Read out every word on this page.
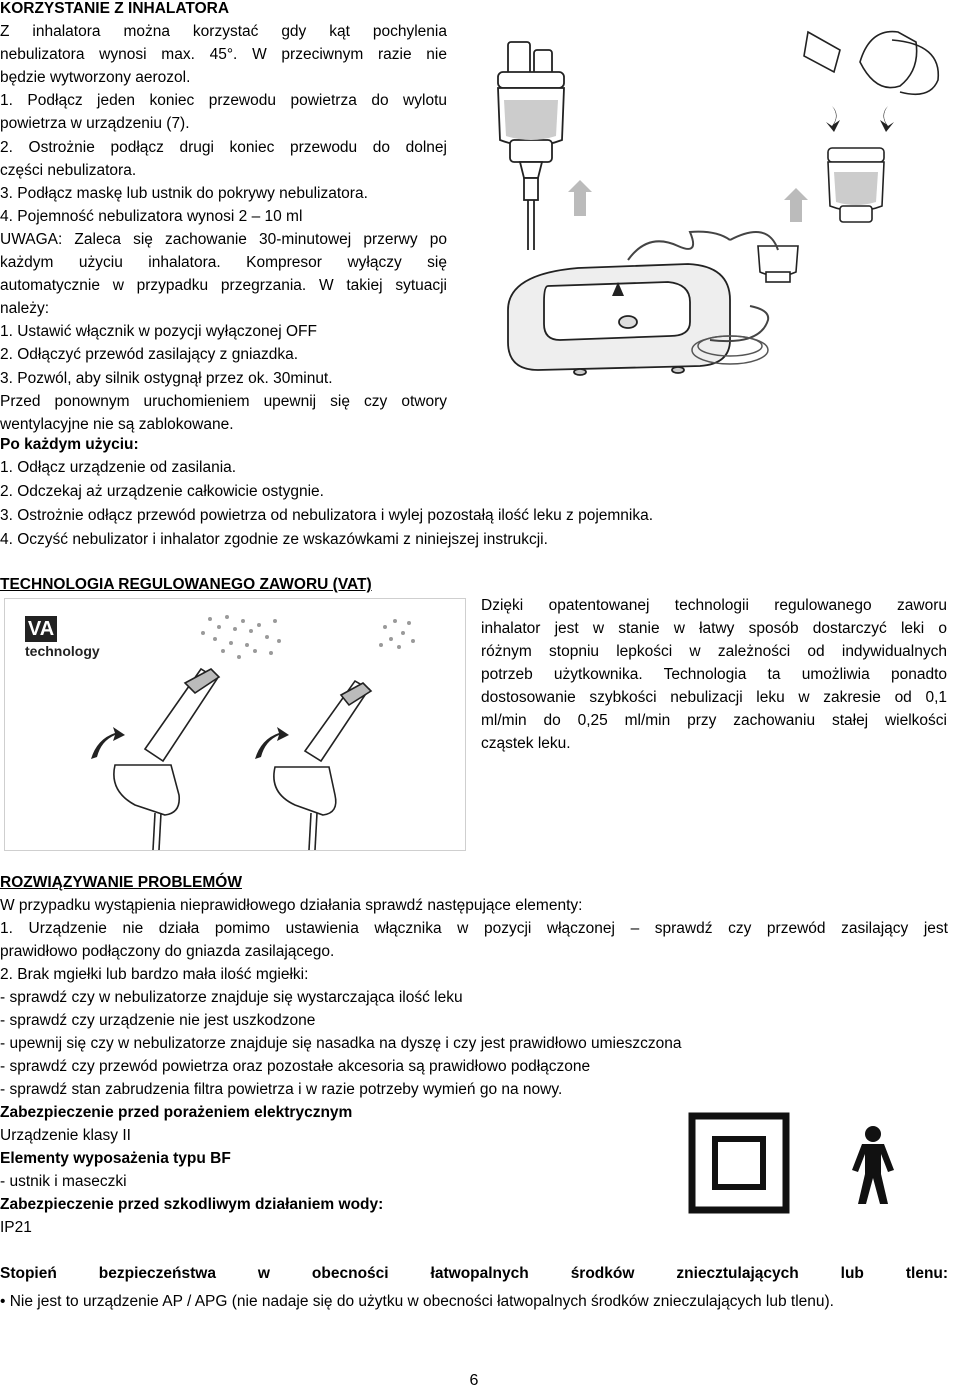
KORZYSTANIE Z INHALATORA
Z inhalatora można korzystać gdy kąt pochylenia
nebulizatora wynosi max. 45°. W przeciwnym razie nie
będzie wytworzony aerozol.
1. Podłącz jeden koniec przewodu powietrza do wylotu
powietrza w urządzeniu (7).
2. Ostrożnie podłącz drugi koniec przewodu do dolnej
części nebulizatora.
3. Podłącz maskę lub ustnik do pokrywy nebulizatora.
4. Pojemność nebulizatora wynosi 2 – 10 ml
UWAGA: Zaleca się zachowanie 30-minutowej przerwy po
każdym użyciu inhalatora. Kompresor wyłączy się
automatycznie w przypadku przegrzania. W takiej sytuacji
należy:
1. Ustawić włącznik w pozycji wyłączonej OFF
2. Odłączyć przewód zasilający z gniazdka.
3. Pozwól, aby silnik ostygnął przez ok. 30minut.
Przed ponownym uruchomieniem upewnij się czy otwory
wentylacyjne nie są zablokowane.
Po każdym użyciu:
1. Odłącz urządzenie od zasilania.
2. Odczekaj aż urządzenie całkowicie ostygnie.
3. Ostrożnie odłącz przewód powietrza od nebulizatora i wylej pozostałą ilość leku z pojemnika.
4. Oczyść nebulizator i inhalator zgodnie ze wskazówkami z niniejszej instrukcji.
TECHNOLOGIA REGULOWANEGO ZAWORU (VAT)
VA
technology
Dzięki opatentowanej technologii regulowanego zaworu
inhalator jest w stanie w łatwy sposób dostarczyć leki o
różnym stopniu lepkości w zależności od indywidualnych
potrzeb użytkownika. Technologia ta umożliwia ponadto
dostosowanie szybkości nebulizacji leku w zakresie od 0,1
ml/min do 0,25 ml/min przy zachowaniu stałej wielkości
cząstek leku.
ROZWIĄZYWANIE PROBLEMÓW
W przypadku wystąpienia nieprawidłowego działania sprawdź następujące elementy:
1. Urządzenie nie działa pomimo ustawienia włącznika w pozycji włączonej – sprawdź czy przewód zasilający jest
prawidłowo podłączony do gniazda zasilającego.
2. Brak mgiełki lub bardzo mała ilość mgiełki:
- sprawdź czy w nebulizatorze znajduje się wystarczająca ilość leku
- sprawdź czy urządzenie nie jest uszkodzone
- upewnij się czy w nebulizatorze znajduje się nasadka na dyszę i czy jest prawidłowo umieszczona
- sprawdź czy przewód powietrza oraz pozostałe akcesoria są prawidłowo podłączone
- sprawdź stan zabrudzenia filtra powietrza i w razie potrzeby wymień go na nowy.
Zabezpieczenie przed porażeniem elektrycznym
Urządzenie klasy II
Elementy wyposażenia typu BF
- ustnik i maseczki
Zabezpieczenie przed szkodliwym działaniem wody:
IP21
Stopień	bezpieczeństwa	w	obecności	łatwopalnych	środków	zniecztulających	lub	tlenu:
• Nie jest to urządzenie AP / APG (nie nadaje się do użytku w obecności łatwopalnych środków znieczulających lub tlenu).
6
